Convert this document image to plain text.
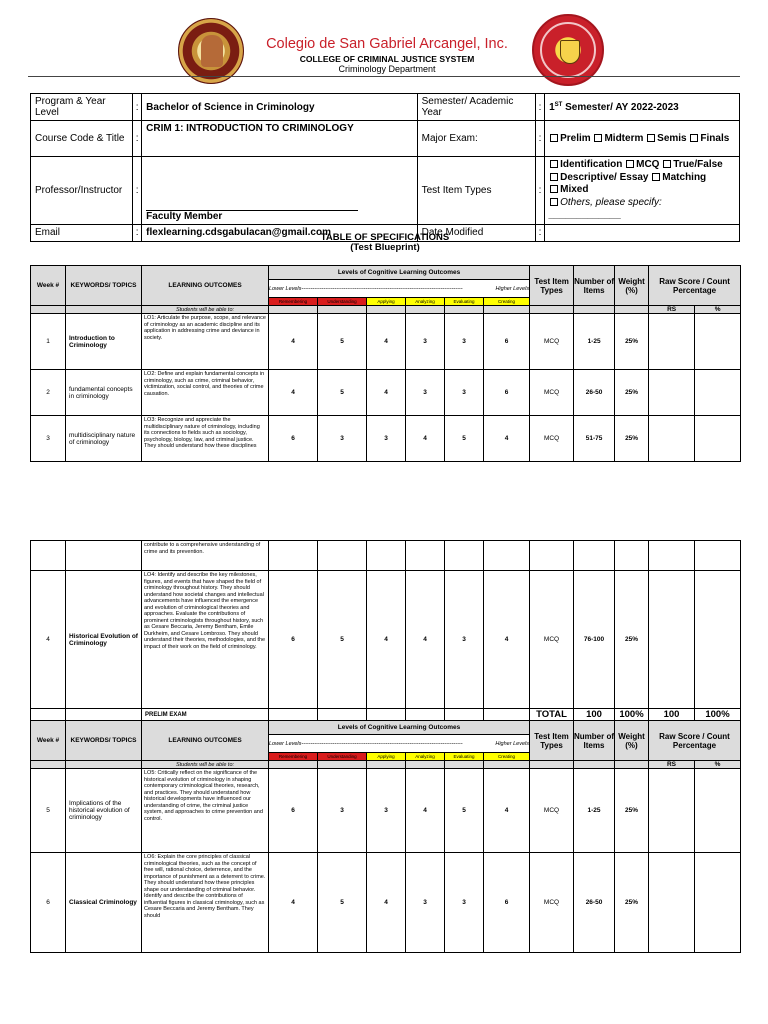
Colegio de San Gabriel Arcangel, Inc.
COLLEGE OF CRIMINAL JUSTICE SYSTEM
Criminology Department
Program & Year Level	:	Bachelor of Science in Criminology	Semester/ Academic Year	:	1ST Semester/ AY 2022-2023
Course Code & Title	:	CRIM 1: INTRODUCTION TO CRIMINOLOGY	Major Exam:	:	Prelim Midterm Semis Finals
Professor/Instructor	:	Faculty Member	Test Item Types	:	Identification MCQ True/False
Descriptive/ Essay Matching
Mixed
Others, please specify: _____________
Email	:	flexlearning.cdsgabulacan@gmail.com	Date Modified	:	
TABLE OF SPECIFICATIONS
(Test Blueprint)
Week #	KEYWORDS/ TOPICS	LEARNING OUTCOMES	Levels of Cognitive Learning Outcomes						Test Item Types	Number of Items	Weight (%)	Raw Score / Count Percentage	
			Lower Levels---------------------------------------------------------------------------------------- Higher Levels										

			Remembering	Understanding	Applying	Analyzing	Evaluating	Creating					
		Students will be able to:										RS	%
1	Introduction to Criminology	LO1: Articulate the purpose, scope, and relevance of criminology as an academic discipline and its application in addressing crime and deviance in society.	4	5	4	3	3	6	MCQ	1-25	25%		
2	fundamental concepts in criminology	LO2: Define and explain fundamental concepts in criminology, such as crime, criminal behavior, victimization, social control, and theories of crime causation.	4	5	4	3	3	6	MCQ	26-50	25%		
3	multidisciplinary nature of criminology	LO3: Recognize and appreciate the multidisciplinary nature of criminology, including its connections to fields such as sociology, psychology, biology, law, and criminal justice. They should understand how these disciplines	6	3	3	4	5	4	MCQ	51-75	25%		

		contribute to a comprehensive understanding of crime and its prevention.											

4	Historical Evolution of Criminology	LO4: Identify and describe the key milestones, figures, and events that have shaped the field of criminology throughout history. They should understand how societal changes and intellectual advancements have influenced the emergence and evolution of criminological theories and approaches. Evaluate the contributions of prominent criminologists throughout history, such as Cesare Beccaria, Jeremy Bentham, Emile Durkheim, and Cesare Lombroso. They should understand their theories, methodologies, and the impact of their work on the field of criminology.	6	5	4	4	3	4	MCQ	76-100	25%		
		PRELIM EXAM							TOTAL	100	100%	100	100%
Week #	KEYWORDS/ TOPICS	LEARNING OUTCOMES	Levels of Cognitive Learning Outcomes						Test Item Types	Number of Items	Weight (%)	Raw Score / Count Percentage	
			Lower Levels---------------------------------------------------------------------------------------- Higher Levels										

			Remembering	Understanding	Applying	Analyzing	Evaluating	Creating					
		Students will be able to:										RS	%
5	Implications of the historical evolution of criminology	LO5: Critically reflect on the significance of the historical evolution of criminology in shaping contemporary criminological theories, research, and practices. They should understand how historical developments have influenced our understanding of crime, the criminal justice system, and approaches to crime prevention and control.	6	3	3	4	5	4	MCQ	1-25	25%		
6	Classical Criminology	LO6: Explain the core principles of classical criminological theories, such as the concept of free will, rational choice, deterrence, and the importance of punishment as a deterrent to crime. They should understand how these principles shape our understanding of criminal behavior. Identify and describe the contributions of influential figures in classical criminology, such as Cesare Beccaria and Jeremy Bentham. They should	4	5	4	3	3	6	MCQ	26-50	25%		
